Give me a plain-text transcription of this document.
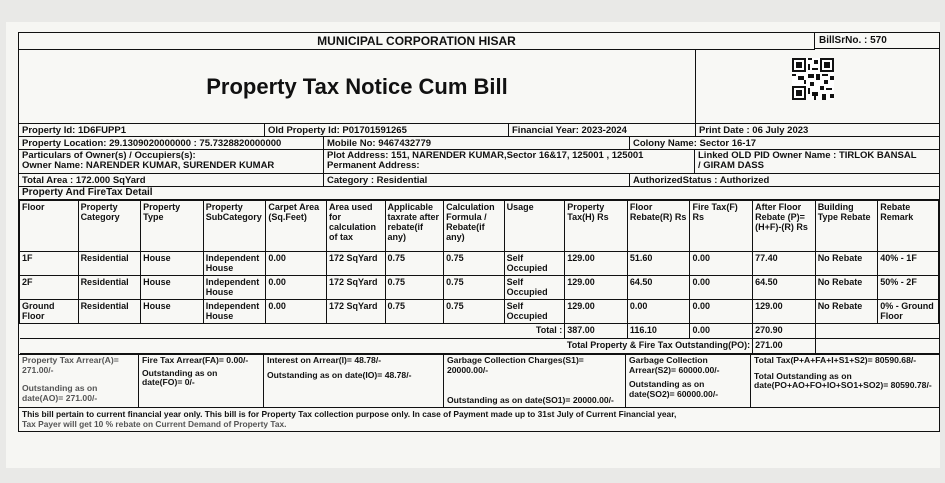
MUNICIPAL CORPORATION HISAR	BillSrNo. : 570
Property Tax Notice Cum Bill
Property Id: 1D6FUPP1	Old Property Id: P01701591265	Financial Year: 2023-2024	Print Date : 06 July 2023
Property Location: 29.1309020000000 : 75.7328820000000	Mobile No: 9467432779	Colony Name: Sector 16-17
Particulars of Owner(s) / Occupiers(s):
Owner Name: NARENDER KUMAR, SURENDER KUMAR
Plot Address: 151, NARENDER KUMAR,Sector 16&17, 125001 , 125001
Permanent Address:
Linked OLD PID Owner Name : TIRLOK BANSAL
/ GIRAM DASS
Total Area : 172.000 SqYard	Category : Residential	AuthorizedStatus : Authorized
Property And FireTax Detail
Floor	Property Category	Property Type	Property SubCategory	Carpet Area (Sq.Feet)	Area used for calculation of tax	Applicable taxrate after rebate(if any)	Calculation Formula / Rebate(if any)	Usage	Property Tax(H) Rs	Floor Rebate(R) Rs	Fire Tax(F) Rs	After Floor Rebate (P)=(H+F)-(R) Rs	Building Type Rebate	Rebate Remark
1F	Residential	House	Independent House	0.00	172 SqYard	0.75	0.75	Self Occupied	129.00	51.60	0.00	77.40	No Rebate	40% - 1F
2F	Residential	House	Independent House	0.00	172 SqYard	0.75	0.75	Self Occupied	129.00	64.50	0.00	64.50	No Rebate	50% - 2F
Ground Floor	Residential	House	Independent House	0.00	172 SqYard	0.75	0.75	Self Occupied	129.00	0.00	0.00	129.00	No Rebate	0% - Ground Floor
Total :									387.00	116.10	0.00	270.90		
Total Property & Fire Tax Outstanding(PO):												271.00		
Property Tax Arrear(A)= 271.00/-
Outstanding as on date(AO)= 271.00/-
Fire Tax Arrear(FA)= 0.00/-
Outstanding as on date(FO)= 0/-
Interest on Arrear(I)= 48.78/-
Outstanding as on date(IO)= 48.78/-
Garbage Collection Charges(S1)= 20000.00/-
Outstanding as on date(SO1)= 20000.00/-
Garbage Collection Arrear(S2)= 60000.00/-
Outstanding as on date(SO2)= 60000.00/-
Total Tax(P+A+FA+I+S1+S2)= 80590.68/-
Total Outstanding as on date(PO+AO+FO+IO+SO1+SO2)= 80590.78/-
This bill pertain to current financial year only. This bill is for Property Tax collection purpose only. In case of Payment made up to 31st July of Current Financial year,
Tax Payer will get 10 % rebate on Current Demand of Property Tax.
